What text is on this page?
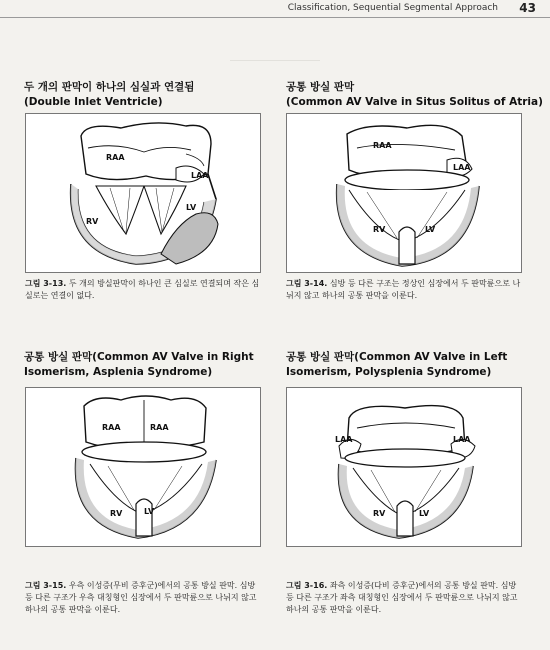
Classification, Sequential Segmental Approach 43

두 개의 판막이 하나의 심실과 연결됨

(Double Inlet Ventricle)

RAA
LAA
RV
LV
그림 3-13. 두 개의 방실판막이 하나인 큰 심실로 연결되며 작은 심실로는 연결이 없다.

공통 방실 판막

(Common AV Valve in Situs Solitus of Atria)

RAA
LAA
RV	LV
그림 3-14. 심방 등 다른 구조는 정상인 심장에서 두 판막륜으로 나뉘지 않고 하나의 공통 판막을 이룬다.

공통 방실 판막(Common AV Valve in Right

Isomerism, Asplenia Syndrome)

RAA	RAA
RV	LV
그림 3-15. 우측 이성증(무비 증후군)에서의 공통 방실 판막. 심방 등 다른 구조가 우측 대칭형인 심장에서 두 판막륜으로 나뉘지 않고 하나의 공통 판막을 이룬다.

공통 방실 판막(Common AV Valve in Left

Isomerism, Polysplenia Syndrome)

LAA	LAA
RV	LV
그림 3-16. 좌측 이성증(다비 증후군)에서의 공통 방실 판막. 심방 등 다른 구조가 좌측 대칭형인 심장에서 두 판막륜으로 나뉘지 않고 하나의 공통 판막을 이룬다.
